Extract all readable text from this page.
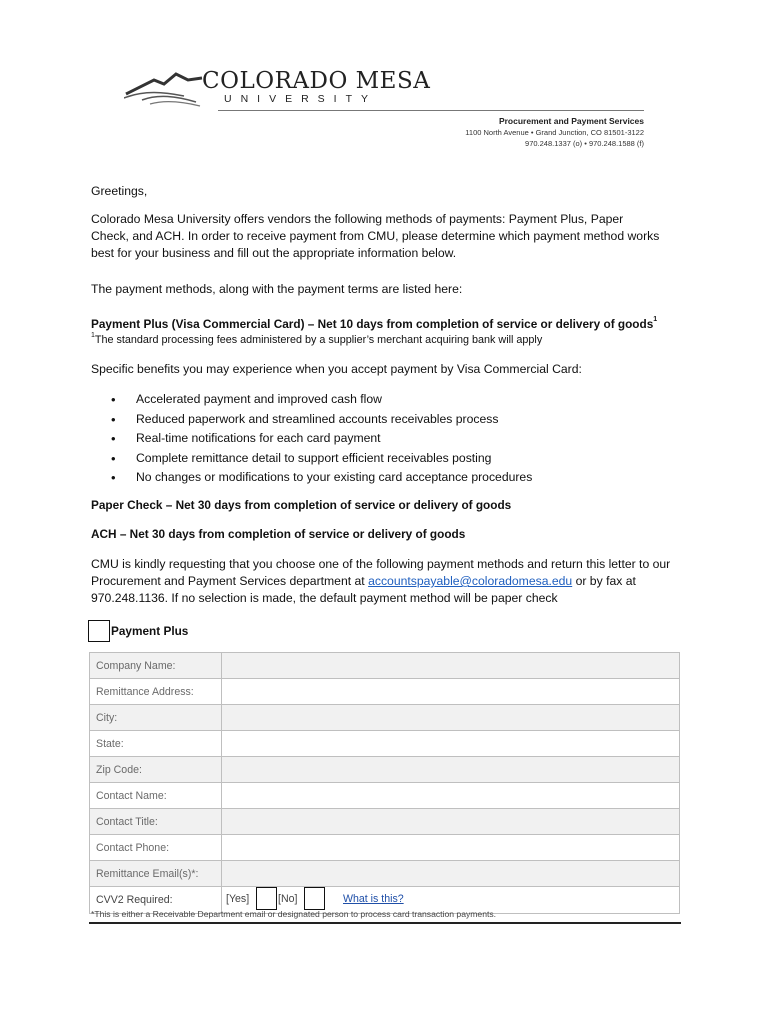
COLORADO MESA
UNIVERSITY
Procurement and Payment Services
1100 North Avenue • Grand Junction, CO 81501-3122
970.248.1337 (o) • 970.248.1588 (f)
Greetings,
Colorado Mesa University offers vendors the following methods of payments: Payment Plus, Paper Check, and ACH. In order to receive payment from CMU, please determine which payment method works best for your business and fill out the appropriate information below.
The payment methods, along with the payment terms are listed here:
Payment Plus (Visa Commercial Card) – Net 10 days from completion of service or delivery of goods$^1$
$^1$The standard processing fees administered by a supplier’s merchant acquiring bank will apply
Specific benefits you may experience when you accept payment by Visa Commercial Card:
• Accelerated payment and improved cash flow
• Reduced paperwork and streamlined accounts receivables process
• Real-time notifications for each card payment
• Complete remittance detail to support efficient receivables posting
• No changes or modifications to your existing card acceptance procedures
Paper Check – Net 30 days from completion of service or delivery of goods
ACH – Net 30 days from completion of service or delivery of goods
CMU is kindly requesting that you choose one of the following payment methods and return this letter to our Procurement and Payment Services department at accountspayable@coloradomesa.edu or by fax at 970.248.1136. If no selection is made, the default payment method will be paper check
Payment Plus
Company Name:	
Remittance Address:	
City:	
State:	
Zip Code:	
Contact Name:	
Contact Title:	
Contact Phone:	
Remittance Email(s)*:	
CVV2 Required:	[Yes] [No] What is this?
*This is either a Receivable Department email or designated person to process card transaction payments.
